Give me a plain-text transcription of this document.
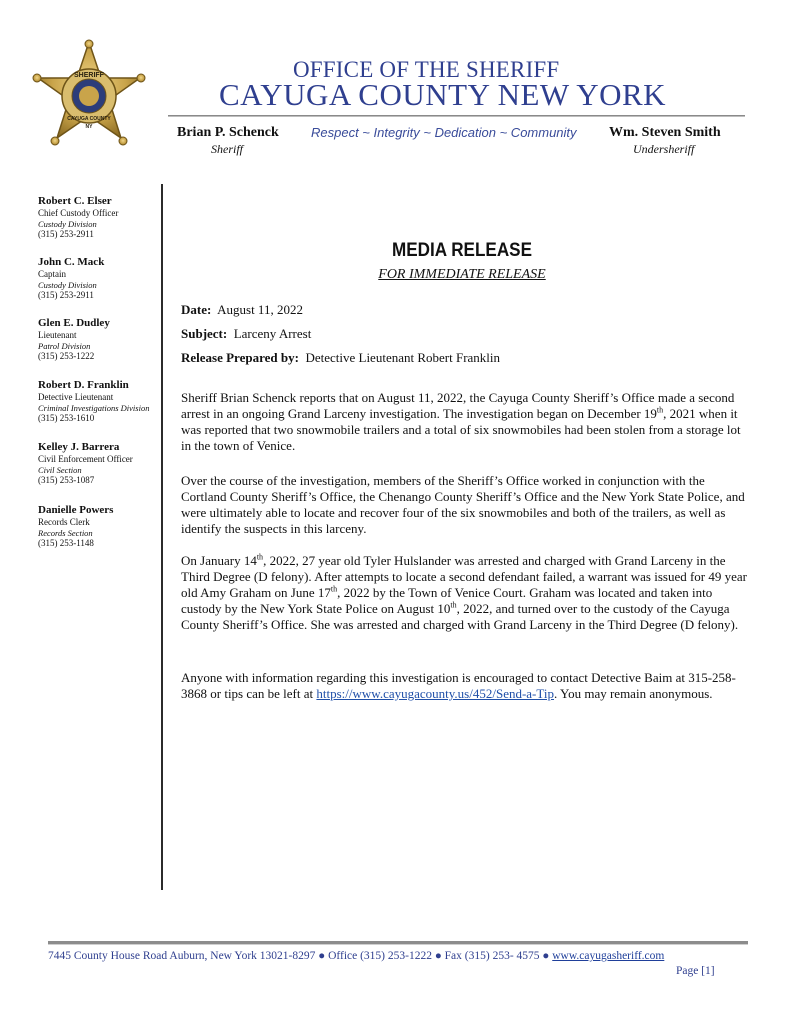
SHERIFF
CAYUGA COUNTY
NY
OFFICE OF THE SHERIFF
CAYUGA COUNTY NEW YORK
Brian P. Schenck
Sheriff
Respect ~ Integrity ~ Dedication ~ Community Wm. Steven Smith
Undersheriff
Robert C. Elser
Chief Custody Officer
Custody Division
(315) 253-2911
John C. Mack
Captain
Custody Division
(315) 253-2911
Glen E. Dudley
Lieutenant
Patrol Division
(315) 253-1222
Robert D. Franklin
Detective Lieutenant
Criminal Investigations Division
(315) 253-1610
Kelley J. Barrera
Civil Enforcement Officer
Civil Section
(315) 253-1087
Danielle Powers
Records Clerk
Records Section
(315) 253-1148
MEDIA RELEASE
FOR IMMEDIATE RELEASE
Date: August 11, 2022
Subject: Larceny Arrest
Release Prepared by: Detective Lieutenant Robert Franklin

Sheriff Brian Schenck reports that on August 11, 2022, the Cayuga County Sheriff’s Office made a second arrest in an ongoing Grand Larceny investigation. The investigation began on December 19th, 2021 when it was reported that two snowmobile trailers and a total of six snowmobiles had been stolen from a storage lot in the town of Venice.

Over the course of the investigation, members of the Sheriff’s Office worked in conjunction with the Cortland County Sheriff’s Office, the Chenango County Sheriff’s Office and the New York State Police, and were ultimately able to locate and recover four of the six snowmobiles and both of the trailers, as well as identify the suspects in this larceny.

On January 14th, 2022, 27 year old Tyler Hulslander was arrested and charged with Grand Larceny in the Third Degree (D felony). After attempts to locate a second defendant failed, a warrant was issued for 49 year old Amy Graham on June 17th, 2022 by the Town of Venice Court. Graham was located and taken into custody by the New York State Police on August 10th, 2022, and turned over to the custody of the Cayuga County Sheriff’s Office. She was arrested and charged with Grand Larceny in the Third Degree (D felony).

Anyone with information regarding this investigation is encouraged to contact Detective Baim at 315-258-3868 or tips can be left at https://www.cayugacounty.us/452/Send-a-Tip. You may remain anonymous.

7445 County House Road Auburn, New York 13021-8297 ● Office (315) 253-1222 ● Fax (315) 253- 4575 ● www.cayugasheriff.com
Page [1]
